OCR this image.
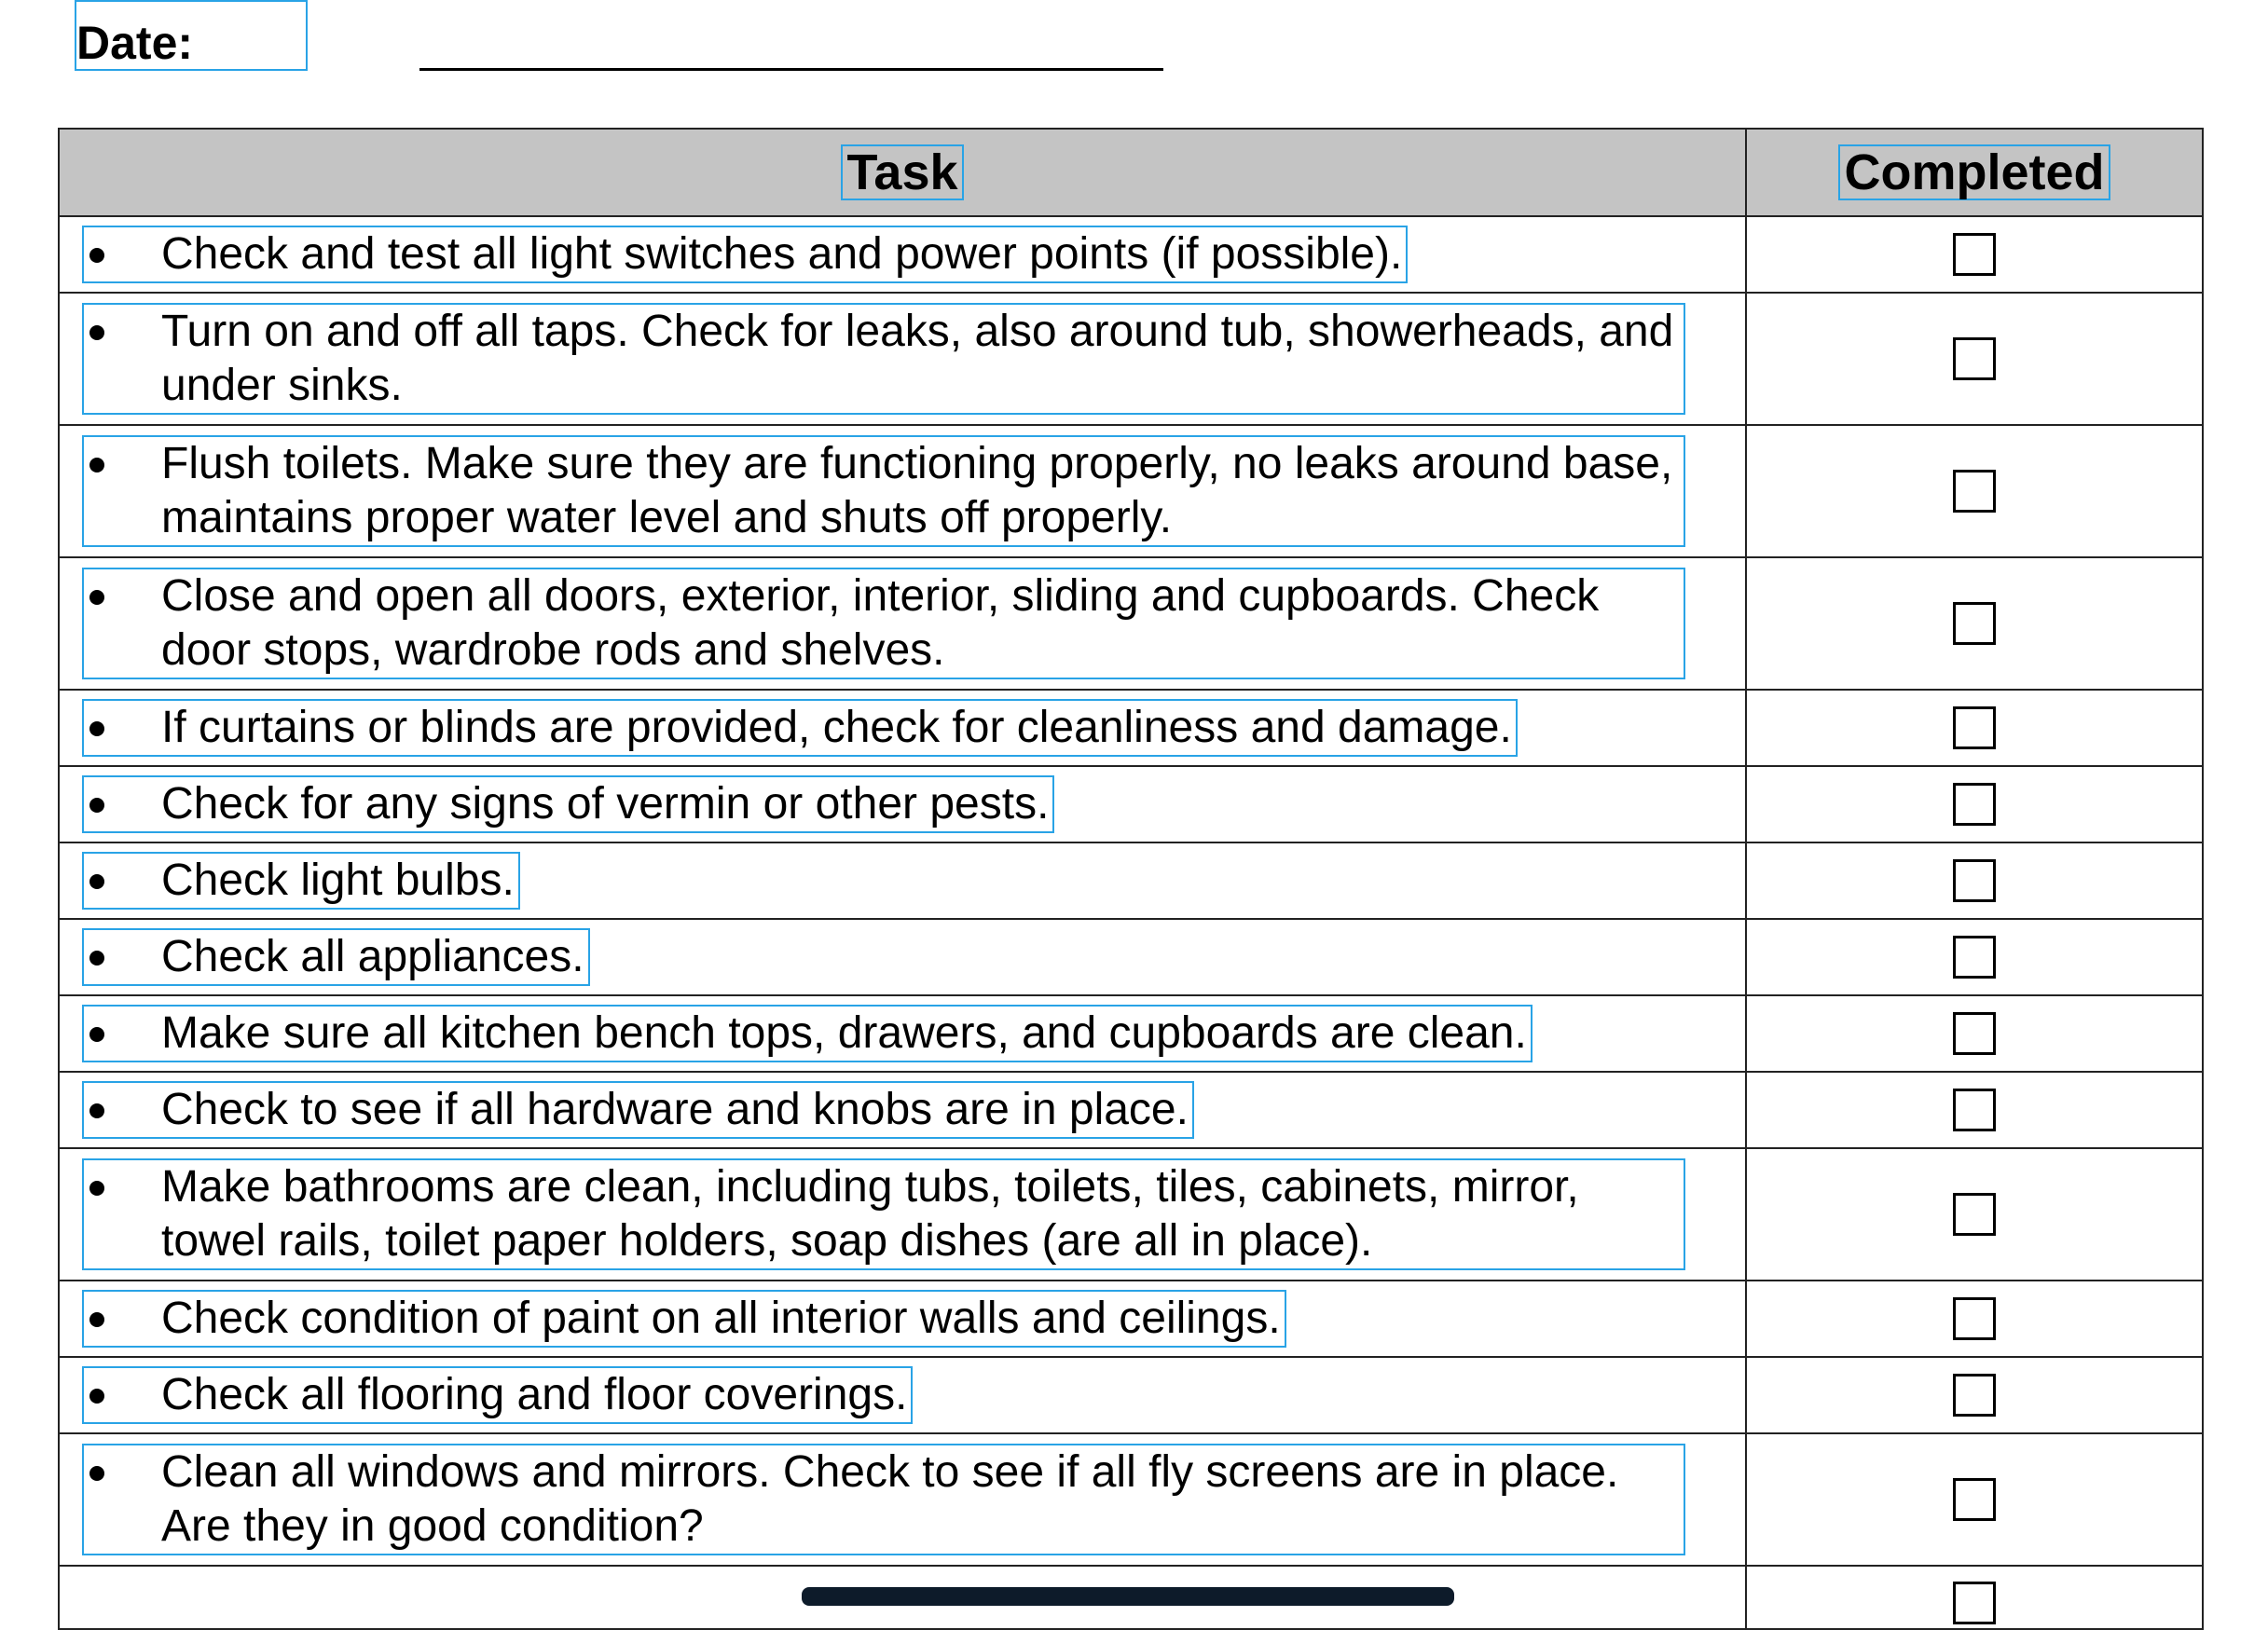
Date:
Task	Completed

Check and test all light switches and power points (if possible).	

Turn on and off all taps. Check for leaks, also around tub, showerheads, and under sinks.	

Flush toilets. Make sure they are functioning properly, no leaks around base, maintains proper water level and shuts off properly.	

Close and open all doors, exterior, interior, sliding and cupboards. Check door stops, wardrobe rods and shelves.	

If curtains or blinds are provided, check for cleanliness and damage.	

Check for any signs of vermin or other pests.	

Check light bulbs.	

Check all appliances.	

Make sure all kitchen bench tops, drawers, and cupboards are clean.	

Check to see if all hardware and knobs are in place.	

Make bathrooms are clean, including tubs, toilets, tiles, cabinets, mirror, towel rails, toilet paper holders, soap dishes (are all in place).	

Check condition of paint on all interior walls and ceilings.	

Check all flooring and floor coverings.	

Clean all windows and mirrors. Check to see if all fly screens are in place. Are they in good condition?	
